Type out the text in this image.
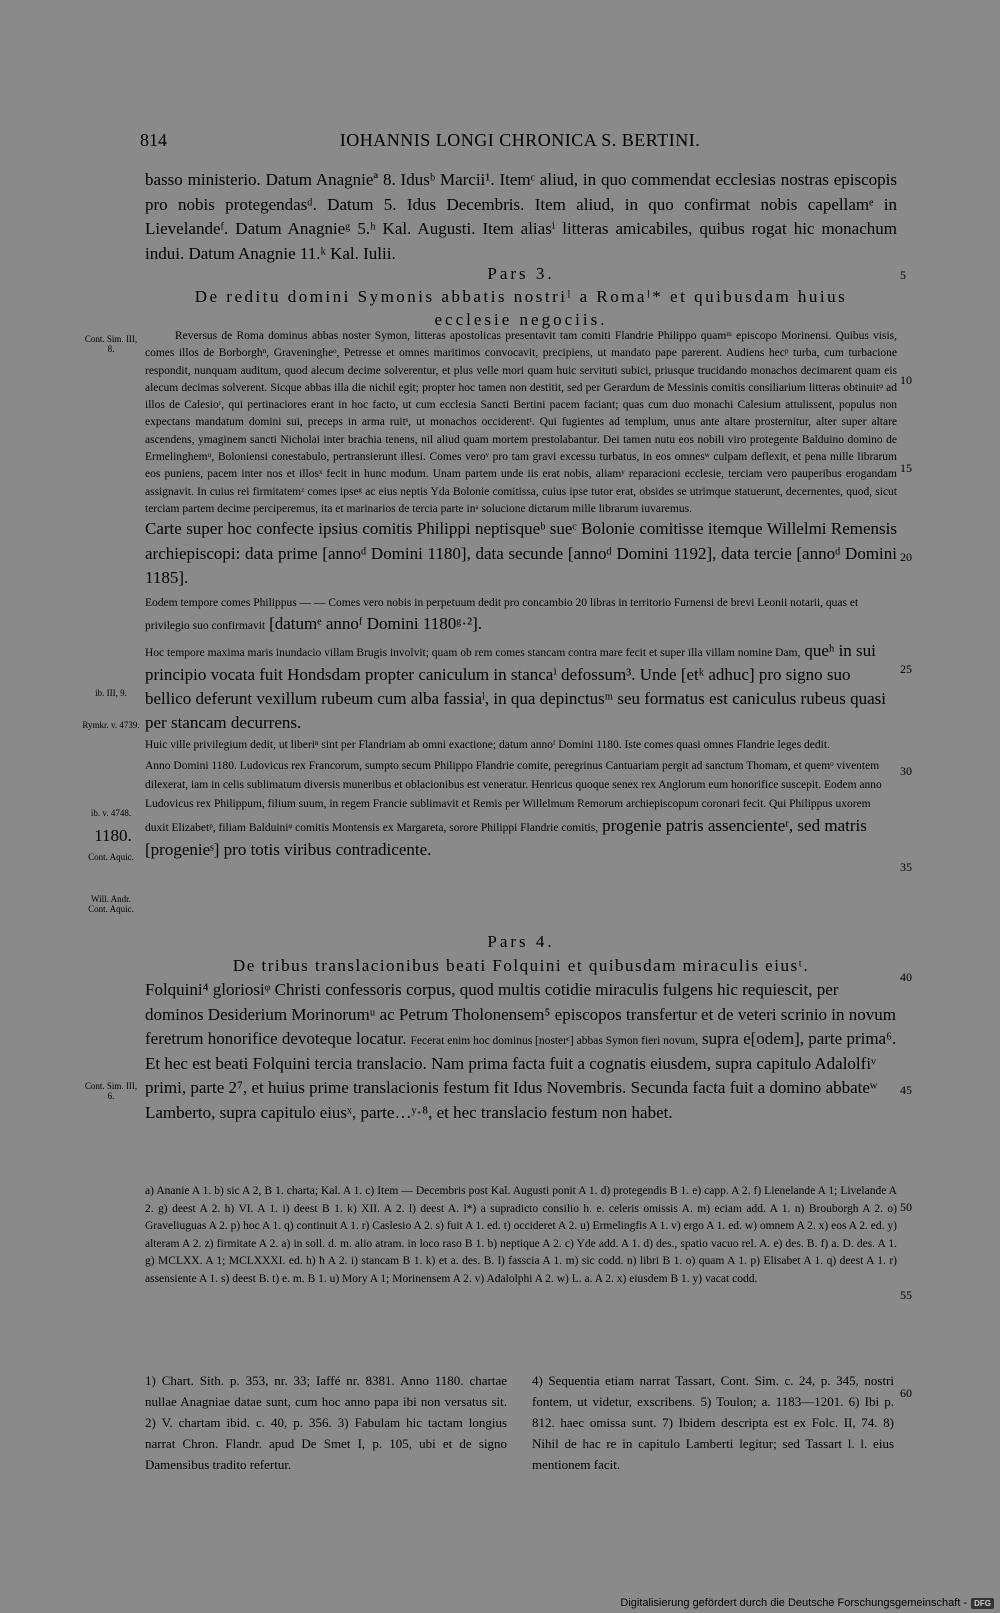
814	IOHANNIS LONGI CHRONICA S. BERTINI.
basso ministerio. Datum Anagnieª 8. Idusᵇ Marcii¹. Itemᶜ aliud, in quo commendat ecclesias nostras episcopis pro nobis protegendasᵈ. Datum 5. Idus Decembris. Item aliud, in quo confirmat nobis capellamᵉ in Lievelandeᶠ. Datum Anagnieᵍ 5.ʰ Kal. Augusti. Item aliasⁱ litteras amicabiles, quibus rogat hic monachum indui. Datum Anagnie 11.ᵏ Kal. Iulii.
Pars 3.
De reditu domini Symonis abbatis nostriˡ a Romaˡ* et quibusdam huius
ecclesie negociis.
Reversus de Roma dominus abbas noster Symon, litteras apostolicas presentavit tam comiti Flandrie Philippo quamᵐ episcopo Morinensi. Quibus visis, comes illos de Borborghⁿ, Graveningheᵒ, Petresse et omnes maritimos convocavit, precipiens, ut mandato pape parerent. Audiens hecᵖ turba, cum turbacione respondit, nunquam auditum, quod alecum decime solverentur, et plus velle mori quam huic servituti subici, priusque trucidando monachos decimarent quam eis alecum decimas solverent. Sicque abbas illa die nichil egit; propter hoc tamen non destitit, sed per Gerardum de Messinis comitis consiliarium litteras obtinuitᵠ ad illos de Calesioʳ, qui pertinaciores erant in hoc facto, ut cum ecclesia Sancti Bertini pacem faciant; quas cum duo monachi Calesium attulissent, populus non expectans mandatum domini sui, preceps in arma ruitˢ, ut monachos occiderentᵗ. Qui fugientes ad templum, unus ante altare prosternitur, alter super altare ascendens, ymaginem sancti Nicholai inter brachia tenens, nil aliud quam mortem prestolabantur. Dei tamen nutu eos nobili viro protegente Balduino domino de Ermelinghemᵘ, Boloniensi conestabulo, pertransierunt illesi. Comes veroᵛ pro tam gravi excessu turbatus, in eos omnesʷ culpam deflexit, et pena mille librarum eos puniens, pacem inter nos et illosˣ fecit in hunc modum. Unam partem unde iis erat nobis, aliamʸ reparacioni ecclesie, terciam vero pauperibus erogandam assignavit. In cuius rei firmitatemᶻ comes ipseᵍ ac eius neptis Yda Bolonie comitissa, cuius ipse tutor erat, obsides se utrimque statuerunt, decernentes, quod, sicut terciam partem decime perciperemus, ita et marinarios de tercia parte inᵃ solucione dictarum mille librarum iuvaremus.
Carte super hoc confecte ipsius comitis Philippi neptisqueᵇ sueᶜ Bolonie comitisse itemque Willelmi Remensis archiepiscopi: data prime [annoᵈ Domini 1180], data secunde [annoᵈ Domini 1192], data tercie [annoᵈ Domini 1185].
Eodem tempore comes Philippus — — Comes vero nobis in perpetuum dedit pro concambio 20 libras in territorio Furnensi de brevi Leonii notarii, quas et privilegio suo confirmavit [datumᵉ annoᶠ Domini 1180ᵍ·²].
Hoc tempore maxima maris inundacio villam Brugis involvit; quam ob rem comes stancam contra mare fecit et super illa villam nomine Dam, queʰ in sui principio vocata fuit Hondsdam propter caniculum in stancaⁱ defossum³. Unde [etᵏ adhuc] pro signo suo bellico deferunt vexillum rubeum cum alba fassiaˡ, in qua depinctusᵐ seu formatus est caniculus rubeus quasi per stancam decurrens.
Huic ville privilegium dedit, ut liberiⁿ sint per Flandriam ab omni exactione; datum annoᶠ Domini 1180. Iste comes quasi omnes Flandrie leges dedit.
Anno Domini 1180. Ludovicus rex Francorum, sumpto secum Philippo Flandrie comite, peregrinus Cantuariam pergit ad sanctum Thomam, et quemᵒ viventem dilexerat, iam in celis sublimatum diversis muneribus et oblacionibus est veneratur. Henricus quoque senex rex Anglorum eum honorifice suscepit. Eodem anno Ludovicus rex Philippum, filium suum, in regem Francie sublimavit et Remis per Willelmum Remorum archiepiscopum coronari fecit. Qui Philippus uxorem duxit Elizabetᵖ, filiam Balduiniᵠ comitis Montensis ex Margareta, sorore Philippi Flandrie comitis, progenie patris assencienteʳ, sed matris [progenieˢ] pro totis viribus contradicente.
Pars 4.
De tribus translacionibus beati Folquini et quibusdam miraculis eiusᵗ.
Folquini⁴ gloriosiᵠ Christi confessoris corpus, quod multis cotidie miraculis fulgens hic requiescit, per dominos Desiderium Morinorumᵘ ac Petrum Tholonensem⁵ episcopos transfertur et de veteri scrinio in novum feretrum honorifice devoteque locatur. Fecerat enim hoc dominus [nosterᶜ] abbas Symon fieri novum, supra e[odem], parte prima⁶. Et hec est beati Folquini tercia translacio. Nam prima facta fuit a cognatis eiusdem, supra capitulo Adalolfiᵛ primi, parte 2⁷, et huius prime translacionis festum fit Idus Novembris. Secunda facta fuit a domino abbateʷ Lamberto, supra capitulo eiusˣ, parte…ʸ·⁸, et hec translacio festum non habet.
a) Ananie A 1. b) sic A 2, B 1. charta; Kal. A 1. c) Item — Decembris post Kal. Augusti ponit A 1. d) protegendis B 1. e) capp. A 2. f) Lienelande A 1; Livelande A 2. g) deest A 2. h) VI. A 1. i) deest B 1. k) XII. A 2. l) deest A. l*) a supradicto consilio h. e. celeris omissis A. m) eciam add. A 1. n) Brouborgh A 2. o) Graveliuguas A 2. p) hoc A 1. q) continuit A 1. r) Caslesio A 2. s) fuit A 1. ed. t) occideret A 2. u) Ermelingfis A 1. v) ergo A 1. ed. w) omnem A 2. x) eos A 2. ed. y) alteram A 2. z) firmitate A 2. a) in soll. d. m. alio atram. in loco raso B 1. b) neptique A 2. c) Yde add. A 1. d) des., spatio vacuo rel. A. e) des. B. f) a. D. des. A 1. g) MCLXX. A 1; MCLXXXI. ed. h) ħ A 2. i) stancam B 1. k) et a. des. B. l) fasscia A 1. m) sic codd. n) libri B 1. o) quam A 1. p) Elisabet A 1. q) deest A 1. r) assensiente A 1. s) deest B. t) e. m. B 1. u) Mory A 1; Morinensem A 2. v) Adalolphi A 2. w) L. a. A 2. x) eiusdem B 1. y) vacat codd.
1) Chart. Sith. p. 353, nr. 33; Iaffé nr. 8381. Anno 1180. chartae nullae Anagniae datae sunt, cum hoc anno papa ibi non versatus sit. 2) V. chartam ibid. c. 40, p. 356. 3) Fabulam hic tactam longius narrat Chron. Flandr. apud De Smet I, p. 105, ubi et de signo Damensibus tradito refertur.
4) Sequentia etiam narrat Tassart, Cont. Sim. c. 24, p. 345, nostri fontem, ut videtur, exscribens. 5) Toulon; a. 1183—1201. 6) Ibi p. 812. haec omissa sunt. 7) Ibidem descripta est ex Folc. II, 74. 8) Nihil de hac re in capitulo Lamberti legitur; sed Tassart l. l. eius mentionem facit.
Cont. Sim. III, 8.
ib. III, 9.
Rymkr. v. 4739.
ib. v. 4748.
1180.
Cont. Aquic.
Will. Andr. Cont. Aquic.
Cont. Sim. III, 6.
5
10
15
20
25
30
35
40
45
50
55
60
Digitalisierung gefördert durch die Deutsche Forschungsgemeinschaft - DFG
